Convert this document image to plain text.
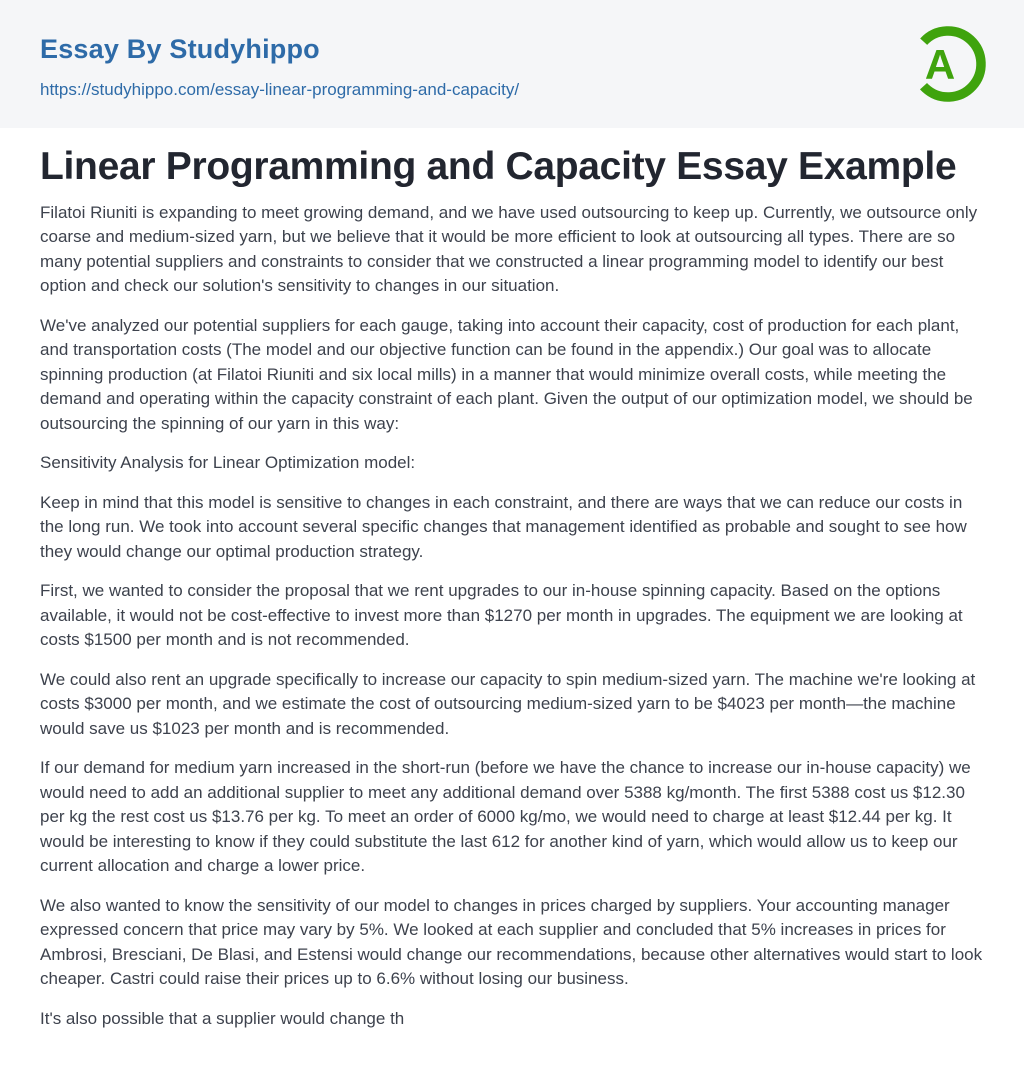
Essay By Studyhippo
https://studyhippo.com/essay-linear-programming-and-capacity/
A
Linear Programming and Capacity Essay Example

Filatoi Riuniti is expanding to meet growing demand, and we have used outsourcing to keep up. Currently, we outsource only coarse and medium-sized yarn, but we believe that it would be more efficient to look at outsourcing all types. There are so many potential suppliers and constraints to consider that we constructed a linear programming model to identify our best option and check our solution's sensitivity to changes in our situation.

We've analyzed our potential suppliers for each gauge, taking into account their capacity, cost of production for each plant, and transportation costs (The model and our objective function can be found in the appendix.) Our goal was to allocate spinning production (at Filatoi Riuniti and six local mills) in a manner that would minimize overall costs, while meeting the demand and operating within the capacity constraint of each plant. Given the output of our optimization model, we should be outsourcing the spinning of our yarn in this way:

Sensitivity Analysis for Linear Optimization model:

Keep in mind that this model is sensitive to changes in each constraint, and there are ways that we can reduce our costs in the long run. We took into account several specific changes that management identified as probable and sought to see how they would change our optimal production strategy.

First, we wanted to consider the proposal that we rent upgrades to our in-house spinning capacity. Based on the options available, it would not be cost-effective to invest more than $1270 per month in upgrades. The equipment we are looking at costs $1500 per month and is not recommended.

We could also rent an upgrade specifically to increase our capacity to spin medium-sized yarn. The machine we're looking at costs $3000 per month, and we estimate the cost of outsourcing medium-sized yarn to be $4023 per month—the machine would save us $1023 per month and is recommended.

If our demand for medium yarn increased in the short-run (before we have the chance to increase our in-house capacity) we would need to add an additional supplier to meet any additional demand over 5388 kg/month. The first 5388 cost us $12.30 per kg the rest cost us $13.76 per kg. To meet an order of 6000 kg/mo, we would need to charge at least $12.44 per kg. It would be interesting to know if they could substitute the last 612 for another kind of yarn, which would allow us to keep our current allocation and charge a lower price.

We also wanted to know the sensitivity of our model to changes in prices charged by suppliers. Your accounting manager expressed concern that price may vary by 5%. We looked at each supplier and concluded that 5% increases in prices for Ambrosi, Bresciani, De Blasi, and Estensi would change our recommendations, because other alternatives would start to look cheaper. Castri could raise their prices up to 6.6% without losing our business.

It's also possible that a supplier would change th
